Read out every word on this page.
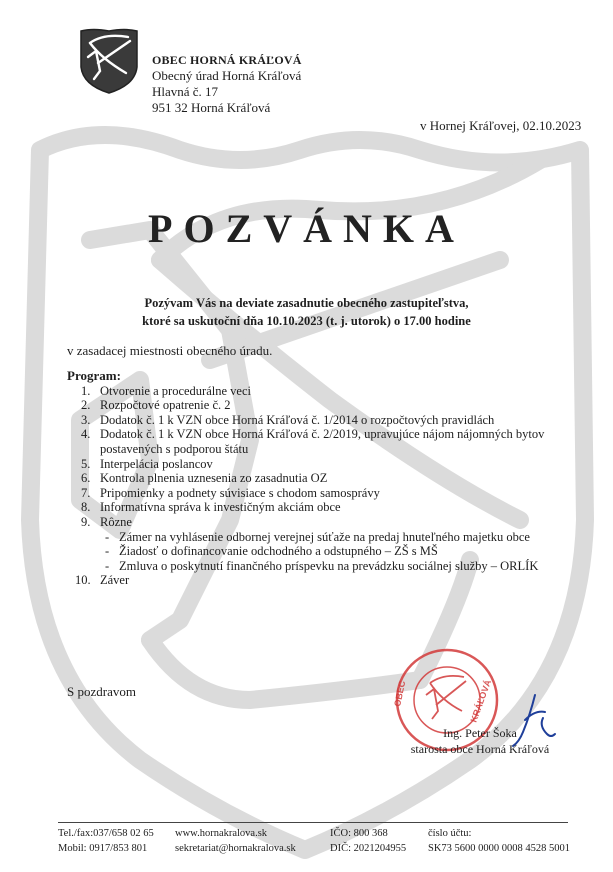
OBEC HORNÁ KRÁĽOVÁ
Obecný úrad Horná Kráľová
Hlavná č. 17
951 32 Horná Kráľová
v Hornej Kráľovej, 02.10.2023
POZVÁNKA
Pozývam Vás na deviate zasadnutie obecného zastupiteľstva,
ktoré sa uskutoční dňa 10.10.2023 (t. j. utorok) o 17.00 hodine
v zasadacej miestnosti obecného úradu.
Program:
1. Otvorenie a procedurálne veci
2. Rozpočtové opatrenie č. 2
3. Dodatok č. 1 k VZN obce Horná Kráľová č. 1/2014 o rozpočtových pravidlách
4. Dodatok č. 1 k VZN obce Horná Kráľová č. 2/2019, upravujúce nájom nájomných bytov postavených s podporou štátu
5. Interpelácia poslancov
6. Kontrola plnenia uznesenia zo zasadnutia OZ
7. Pripomienky a podnety súvisiace s chodom samosprávy
8. Informatívna správa k investičným akciám obce
9. Rôzne
- Zámer na vyhlásenie odbornej verejnej súťaže na predaj hnuteľného majetku obce
- Žiadosť o dofinancovanie odchodného a odstupného – ZŠ s MŠ
- Zmluva o poskytnutí finančného príspevku na prevádzku sociálnej služby – ORLÍK
10. Záver
S pozdravom	OBEC	KRÁĽOVÁ
Ing. Peter Šoka
starosta obce Horná Kráľová
Tel./fax:037/658 02 65
Mobil: 0917/853 801
www.hornakralova.sk
sekretariat@hornakralova.sk
IČO: 800 368
DIČ: 2021204955
číslo účtu:
SK73 5600 0000 0008 4528 5001
